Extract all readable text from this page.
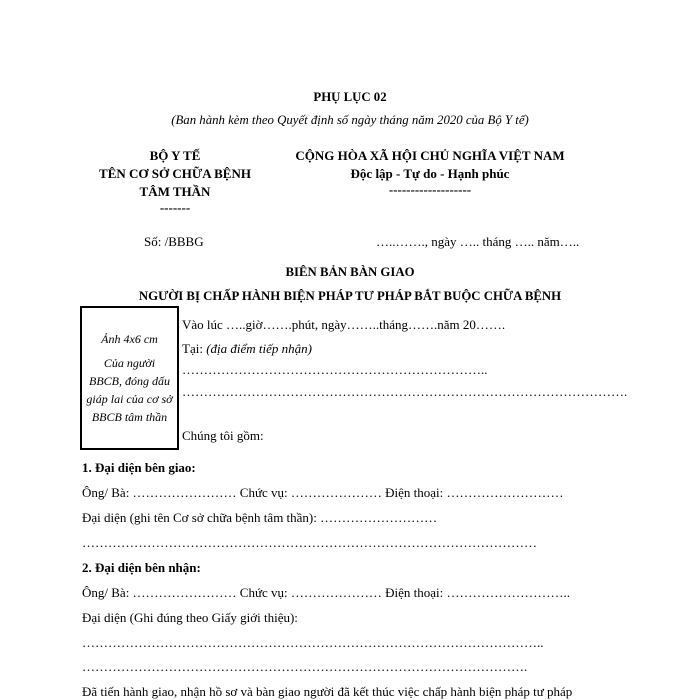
PHỤ LỤC 02
(Ban hành kèm theo Quyết định số ngày tháng năm 2020 của Bộ Y tế)
BỘ Y TẾ
TÊN CƠ SỞ CHỮA BỆNH
TÂM THẦN
-------
Số: /BBBG
CỘNG HÒA XÃ HỘI CHỦ NGHĨA VIỆT NAM
Độc lập - Tự do - Hạnh phúc
-------------------
…..……., ngày ….. tháng ….. năm…..
BIÊN BẢN BÀN GIAO
NGƯỜI BỊ CHẤP HÀNH BIỆN PHÁP TƯ PHÁP BẮT BUỘC CHỮA BỆNH
Ảnh 4x6 cm
Của người
BBCB, đóng dấu
giáp lai của cơ sở
BBCB tâm thần
Vào lúc …..giờ…….phút, ngày……..tháng…….năm 20…….
Tại: (địa điểm tiếp nhận)
……………………………………………………………..
………………………………………………………………………………………….
Chúng tôi gồm:
1. Đại diện bên giao:
Ông/ Bà: …………………… Chức vụ: ………………… Điện thoại: ………………………
Đại diện (ghi tên Cơ sở chữa bệnh tâm thần): ………………………
……………………………………………………………………………………………
2. Đại diện bên nhận:
Ông/ Bà: …………………… Chức vụ: ………………… Điện thoại: ………………………..
Đại diện (Ghi đúng theo Giấy giới thiệu):
……………………………………………………………………………………………..
………………………………………………………………………………………….
Đã tiến hành giao, nhận hồ sơ và bàn giao người đã kết thúc việc chấp hành biện pháp tư pháp
